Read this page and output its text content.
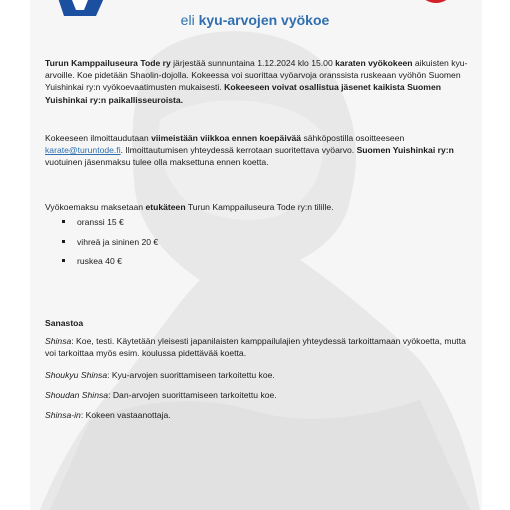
eli kyu-arvojen vyökoe
Turun Kamppailuseura Tode ry järjestää sunnuntaina 1.12.2024 klo 15.00 karaten vyökokeen aikuisten kyu-arvoille. Koe pidetään Shaolin-dojolla. Kokeessa voi suorittaa vyöarvoja oranssista ruskeaan vyöhön Suomen Yuishinkai ry:n vyökoevaatimusten mukaisesti. Kokeeseen voivat osallistua jäsenet kaikista Suomen Yuishinkai ry:n paikallisseuroista.
Kokeeseen ilmoittaudutaan viimeistään viikkoa ennen koepäivää sähköpostilla osoitteeseen karate@turuntode.fi. Ilmoittautumisen yhteydessä kerrotaan suoritettava vyöarvo. Suomen Yuishinkai ry:n vuotuinen jäsenmaksu tulee olla maksettuna ennen koetta.
Vyökoemaksu maksetaan etukäteen Turun Kamppailuseura Tode ry:n tilille.
oranssi 15 €
vihreä ja sininen 20 €
ruskea 40 €
Sanastoa
Shinsa: Koe, testi. Käytetään yleisesti japanilaisten kamppailulajien yhteydessä tarkoittamaan vyökoetta, mutta voi tarkoittaa myös esim. koulussa pidettävää koetta.
Shoukyu Shinsa: Kyu-arvojen suorittamiseen tarkoitettu koe.
Shoudan Shinsa: Dan-arvojen suorittamiseen tarkoitettu koe.
Shinsa-in: Kokeen vastaanottaja.
